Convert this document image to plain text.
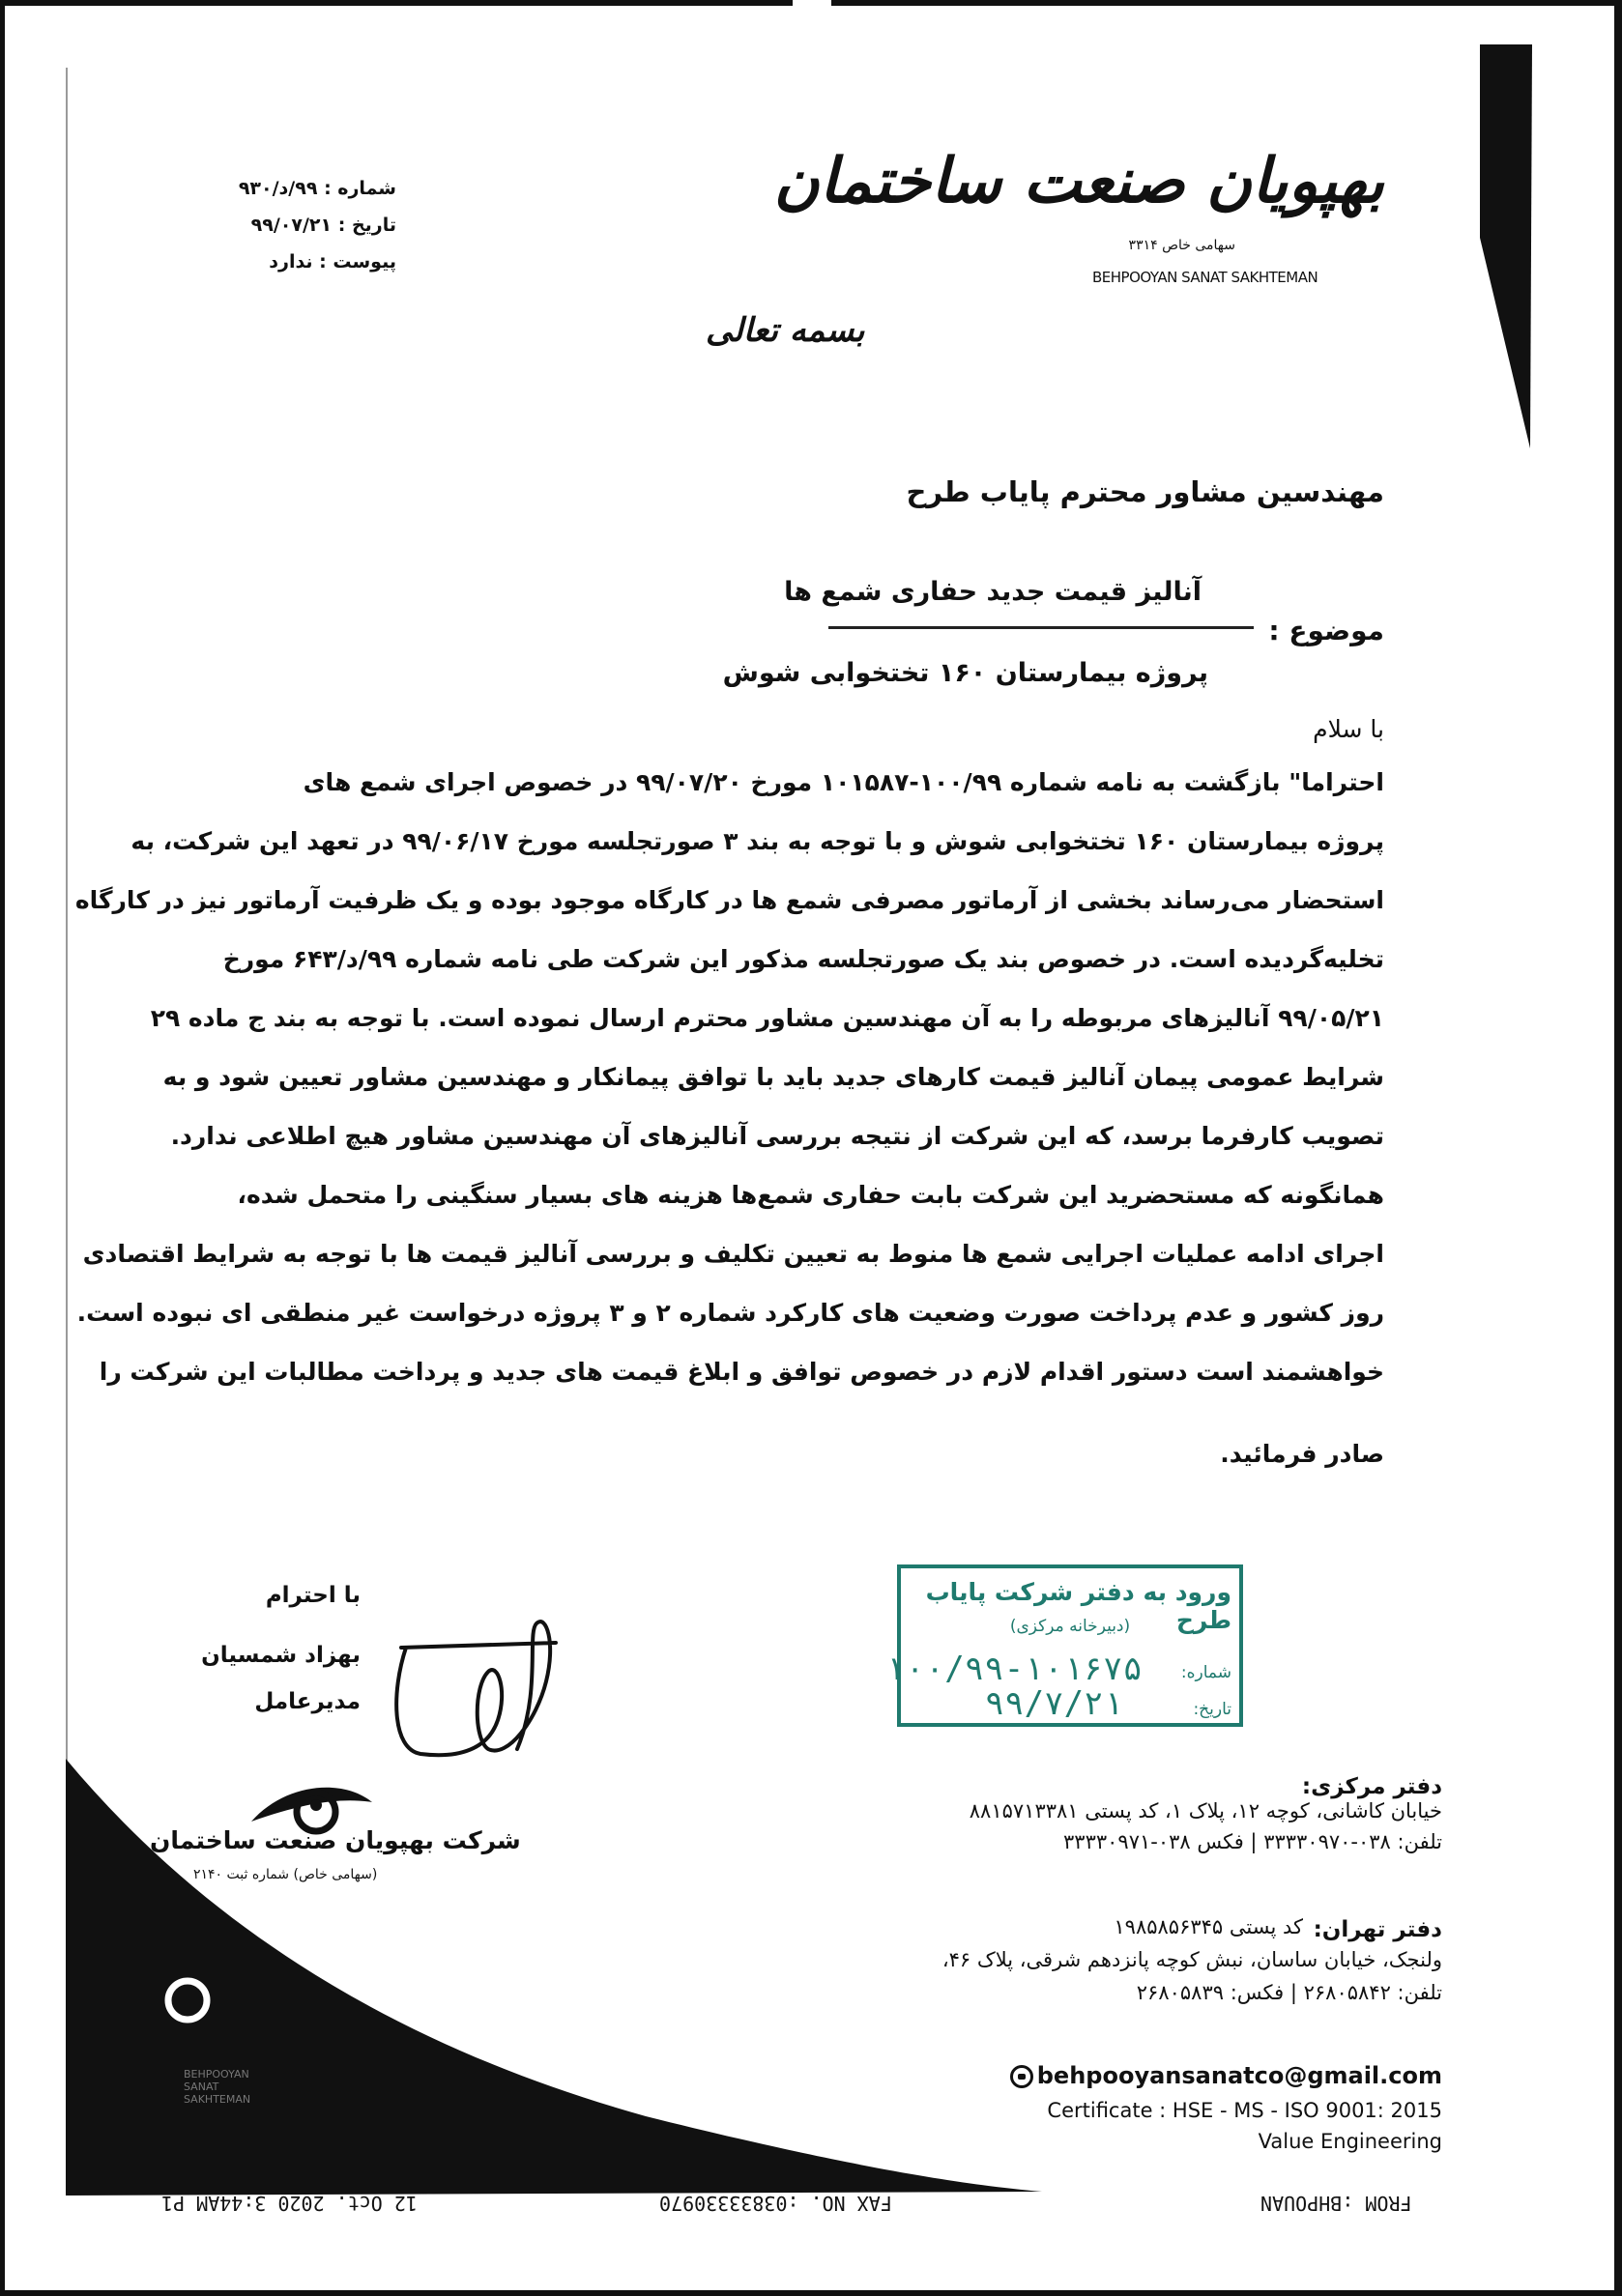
بهپویان صنعت ساختمان
سهامی خاص ۳۳۱۴
BEHPOOYAN SANAT SAKHTEMAN
شماره : ۹۹/د/۹۳۰
تاریخ : ۹۹/۰۷/۲۱
پیوست : ندارد
بسمه تعالی
مهندسین مشاور محترم پایاب طرح
آنالیز قیمت جدید حفاری شمع ها
موضوع :
پروژه بیمارستان ۱۶۰ تختخوابی شوش
با سلام
احتراما" بازگشت به نامه شماره ۱۰۰/۹۹-۱۰۱۵۸۷ مورخ ۹۹/۰۷/۲۰ در خصوص اجرای شمع های
پروژه بیمارستان ۱۶۰ تختخوابی شوش و با توجه به بند ۳ صورتجلسه مورخ ۹۹/۰۶/۱۷ در تعهد این شرکت، به
استحضار می‌رساند بخشی از آرماتور مصرفی شمع ها در کارگاه موجود بوده و یک ظرفیت آرماتور نیز در کارگاه
تخلیه‌گردیده است. در خصوص بند یک صورتجلسه مذکور این شرکت طی نامه شماره ۹۹/د/۶۴۳ مورخ
۹۹/۰۵/۲۱ آنالیزهای مربوطه را به آن مهندسین مشاور محترم ارسال نموده است. با توجه به بند ج ماده ۲۹
شرایط عمومی پیمان آنالیز قیمت کارهای جدید باید با توافق پیمانکار و مهندسین مشاور تعیین شود و به
تصویب کارفرما برسد، که این شرکت از نتیجه بررسی آنالیزهای آن مهندسین مشاور هیچ اطلاعی ندارد.
همانگونه که مستحضرید این شرکت بابت حفاری شمع‌ها هزینه های بسیار سنگینی را متحمل شده،
اجرای ادامه عملیات اجرایی شمع ها منوط به تعیین تکلیف و بررسی آنالیز قیمت ها با توجه به شرایط اقتصادی
روز کشور و عدم پرداخت صورت وضعیت های کارکرد شماره ۲ و ۳ پروژه درخواست غیر منطقی ای نبوده است.
خواهشمند است دستور اقدام لازم در خصوص توافق و ابلاغ قیمت های جدید و پرداخت مطالبات این شرکت را
صادر فرمائید.
با احترام
بهزاد شمسیان
مدیرعامل
ورود به دفتر شرکت پایاب طرح
(دبیرخانه مرکزی)
شماره:
۱۰۰/۹۹-۱۰۱۶۷۵
تاریخ:
۹۹/۷/۲۱
BEHPOOYAN SANAT SAKHTEMAN
شرکت بهپویان صنعت ساختمان
(سهامی خاص) شماره ثبت ۲۱۴۰
دفتر مرکزی:
خیابان کاشانی، کوچه ۱۲، پلاک ۱، کد پستی ۸۸۱۵۷۱۳۳۸۱
تلفن: ۰۳۸-۳۳۳۳۰۹۷۰ | فکس ۰۳۸-۳۳۳۳۰۹۷۱
دفتر تهران:
کد پستی ۱۹۸۵۸۵۶۳۴۵
ولنجک، خیابان ساسان، نبش کوچه پانزدهم شرقی، پلاک ۴۶،
تلفن: ۲۶۸۰۵۸۴۲ | فکس: ۲۶۸۰۵۸۳۹
behpooyansanatco@gmail.com
Certificate : HSE - MS - ISO 9001: 2015
Value Engineering
FROM :BHPOUAN
FAX NO. :03833330970
12 Oct. 2020 3:44AM P1
